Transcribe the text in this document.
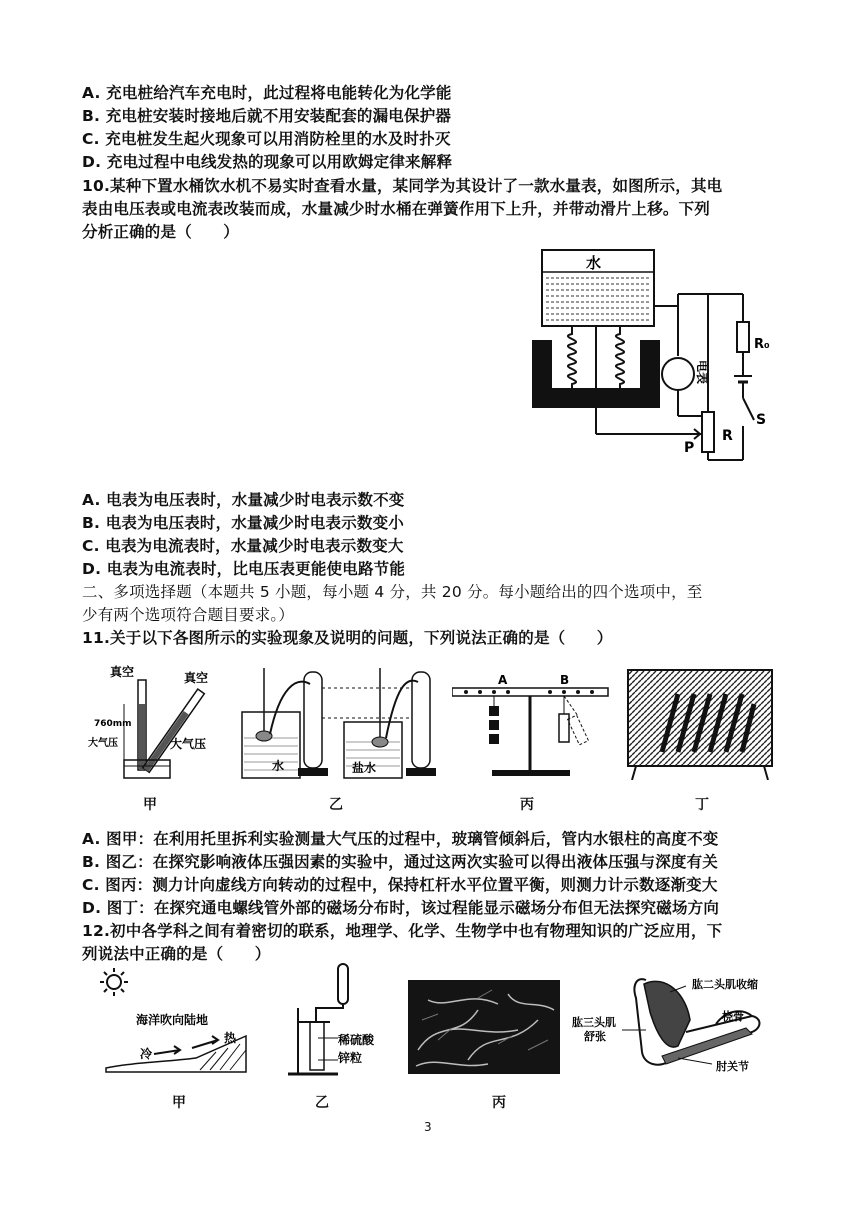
A. 充电桩给汽车充电时，此过程将电能转化为化学能
B. 充电桩安装时接地后就不用安装配套的漏电保护器
C. 充电桩发生起火现象可以用消防栓里的水及时扑灭
D. 充电过程中电线发热的现象可以用欧姆定律来解释
10.某种下置水桶饮水机不易实时查看水量，某同学为其设计了一款水量表，如图所示，其电
表由电压表或电流表改装而成，水量减少时水桶在弹簧作用下上升，并带动滑片上移。下列
分析正确的是（　　）
水
电表
R₀
S
R
P
A. 电表为电压表时，水量减少时电表示数不变
B. 电表为电压表时，水量减少时电表示数变小
C. 电表为电流表时，水量减少时电表示数变大
D. 电表为电流表时，比电压表更能使电路节能
二、多项选择题（本题共 5 小题，每小题 4 分，共 20 分。每小题给出的四个选项中，至
少有两个选项符合题目要求。）
11.关于以下各图所示的实验现象及说明的问题，下列说法正确的是（　　）
真空	真空
760mm
大气压	大气压
甲
水	盐水
乙
A	B
丙	丁
A. 图甲：在利用托里拆利实验测量大气压的过程中，玻璃管倾斜后，管内水银柱的高度不变
B. 图乙：在探究影响液体压强因素的实验中，通过这两次实验可以得出液体压强与深度有关
C. 图丙：测力计向虚线方向转动的过程中，保持杠杆水平位置平衡，则测力计示数逐渐变大
D. 图丁：在探究通电螺线管外部的磁场分布时，该过程能显示磁场分布但无法探究磁场方向
12.初中各学科之间有着密切的联系，地理学、化学、生物学中也有物理知识的广泛应用，下
列说法中正确的是（　　）
海洋吹向陆地
冷
热
甲
稀硫酸
锌粒
乙	丙
肱二头肌收缩
桡骨
肱三头肌
舒张
肘关节
3
